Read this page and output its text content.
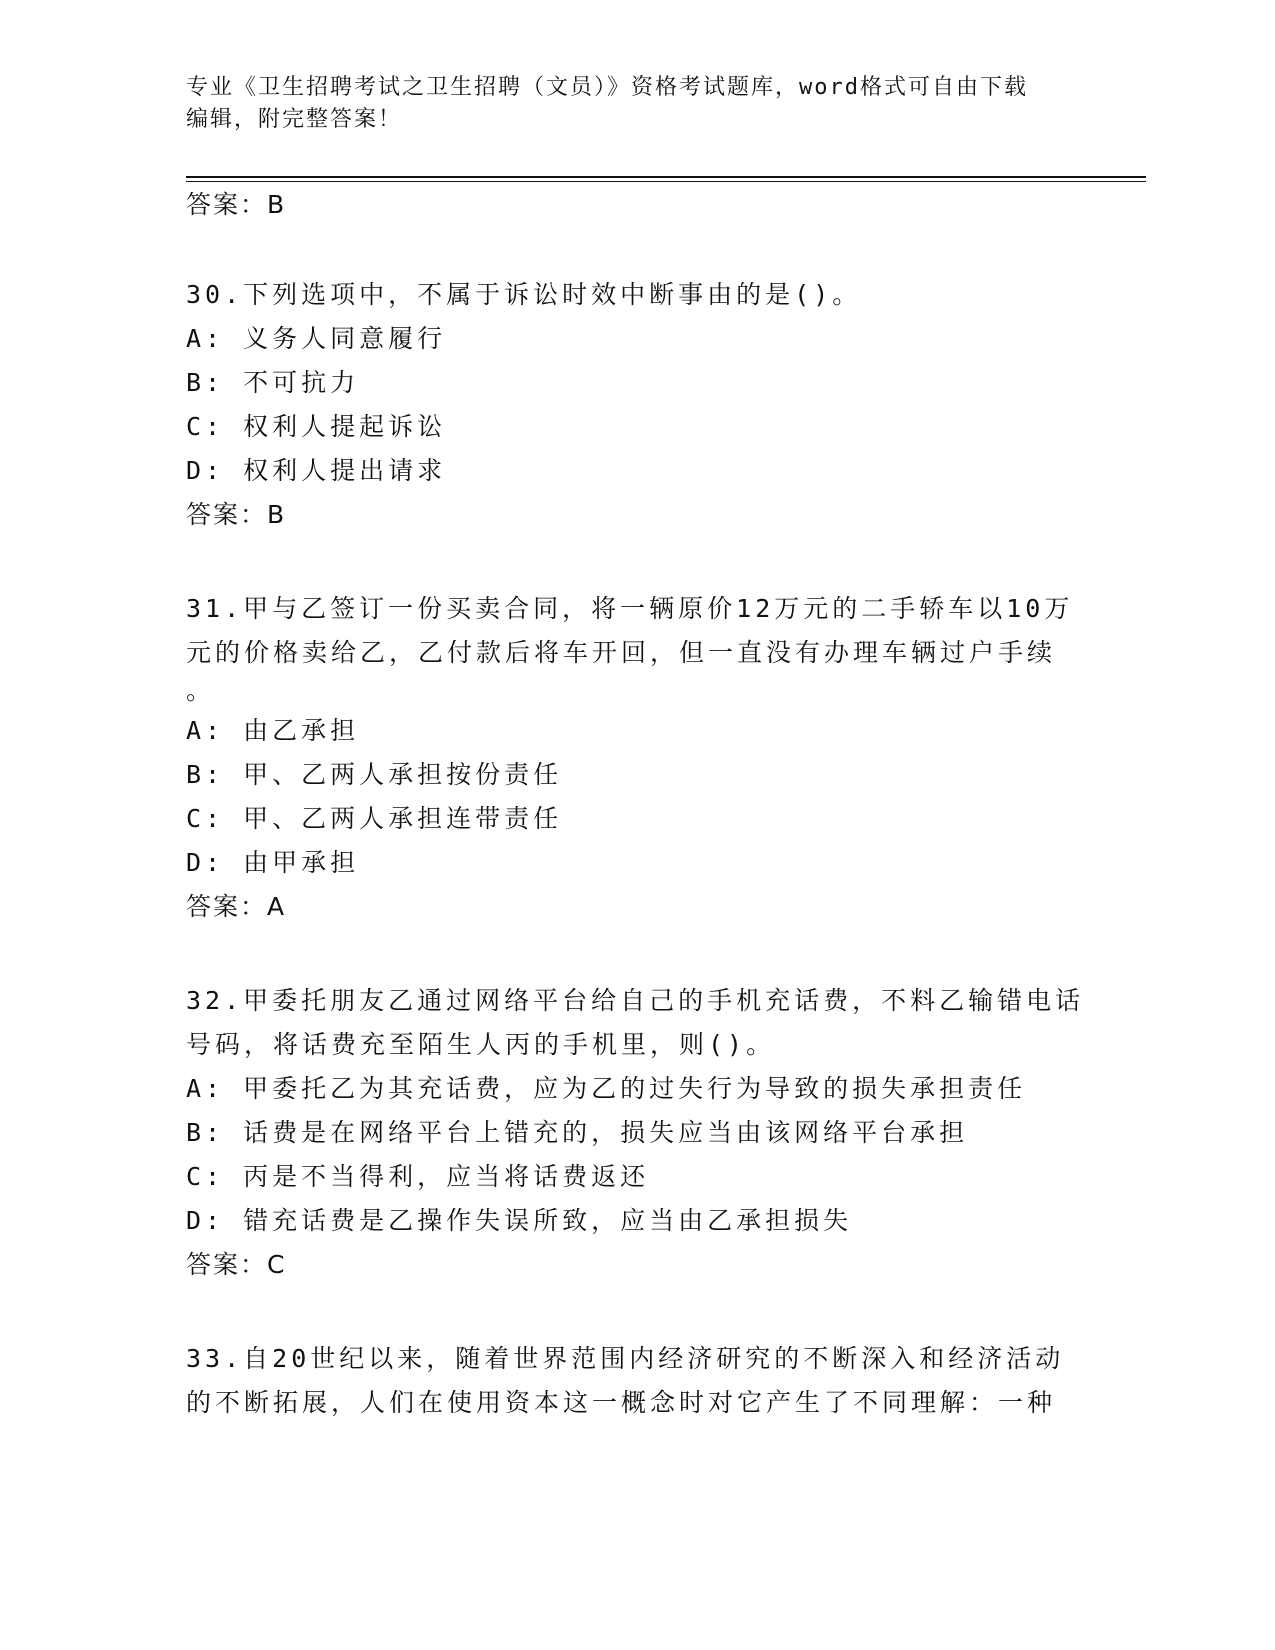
专业《卫生招聘考试之卫生招聘（文员）》资格考试题库，word格式可自由下载
编辑，附完整答案！
答案：B
30.下列选项中，不属于诉讼时效中断事由的是()。
A: 义务人同意履行
B: 不可抗力
C: 权利人提起诉讼
D: 权利人提出请求
答案：B
31.甲与乙签订一份买卖合同，将一辆原价12万元的二手轿车以10万
元的价格卖给乙，乙付款后将车开回，但一直没有办理车辆过户手续
。
A: 由乙承担
B: 甲、乙两人承担按份责任
C: 甲、乙两人承担连带责任
D: 由甲承担
答案：A
32.甲委托朋友乙通过网络平台给自己的手机充话费，不料乙输错电话
号码，将话费充至陌生人丙的手机里，则()。
A: 甲委托乙为其充话费，应为乙的过失行为导致的损失承担责任
B: 话费是在网络平台上错充的，损失应当由该网络平台承担
C: 丙是不当得利，应当将话费返还
D: 错充话费是乙操作失误所致，应当由乙承担损失
答案：C
33.自20世纪以来，随着世界范围内经济研究的不断深入和经济活动
的不断拓展，人们在使用资本这一概念时对它产生了不同理解：一种
